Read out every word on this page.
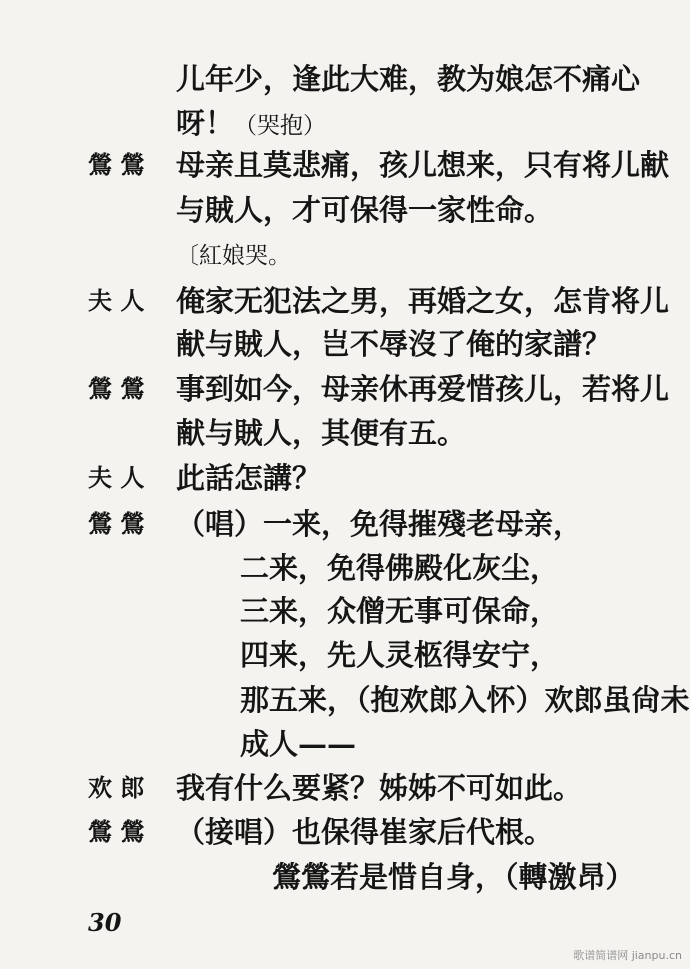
鶯 鶯
夫 人
鶯 鶯
夫 人
鶯 鶯
欢 郎
鶯 鶯
儿年少，逢此大难，教为娘怎不痛心
呀！（哭抱）
母亲且莫悲痛，孩儿想来，只有将儿献
与賊人，才可保得一家性命。
〔紅娘哭。
俺家无犯法之男，再婚之女，怎肯将儿
献与賊人，岂不辱沒了俺的家譜？
事到如今，母亲休再爱惜孩儿，若将儿
献与賊人，其便有五。
此話怎講？
（唱）一来，免得摧殘老母亲，
二来，免得佛殿化灰尘，
三来，众僧无事可保命，
四来，先人灵柩得安宁，
那五来，（抱欢郎入怀）欢郎虽尙未
成人——
我有什么要紧？姊姊不可如此。
（接唱）也保得崔家后代根。
鶯鶯若是惜自身，（轉激昂）
30
歌谱简谱网 jianpu.cn
